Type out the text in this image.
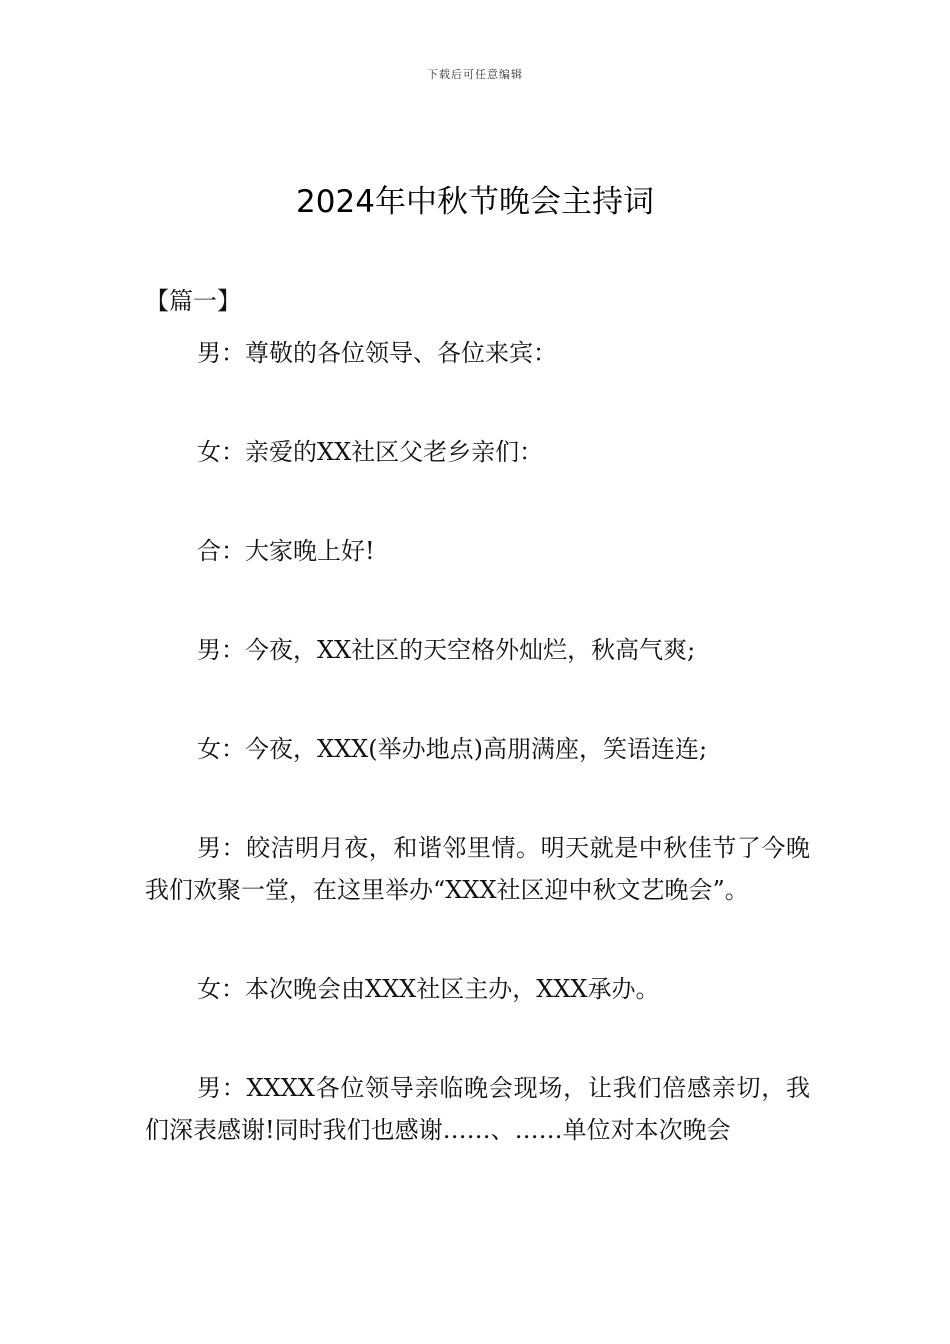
下载后可任意编辑
2024年中秋节晚会主持词
【篇一】

男：尊敬的各位领导、各位来宾：

女：亲爱的XX社区父老乡亲们：

合：大家晚上好!

男：今夜，XX社区的天空格外灿烂，秋高气爽;

女：今夜，XXX(举办地点)高朋满座，笑语连连;

男：皎洁明月夜，和谐邻里情。明天就是中秋佳节了今晚我们欢聚一堂，在这里举办“XXX社区迎中秋文艺晚会”。

女：本次晚会由XXX社区主办，XXX承办。

男：XXXX各位领导亲临晚会现场，让我们倍感亲切，我们深表感谢!同时我们也感谢……、……单位对本次晚会
